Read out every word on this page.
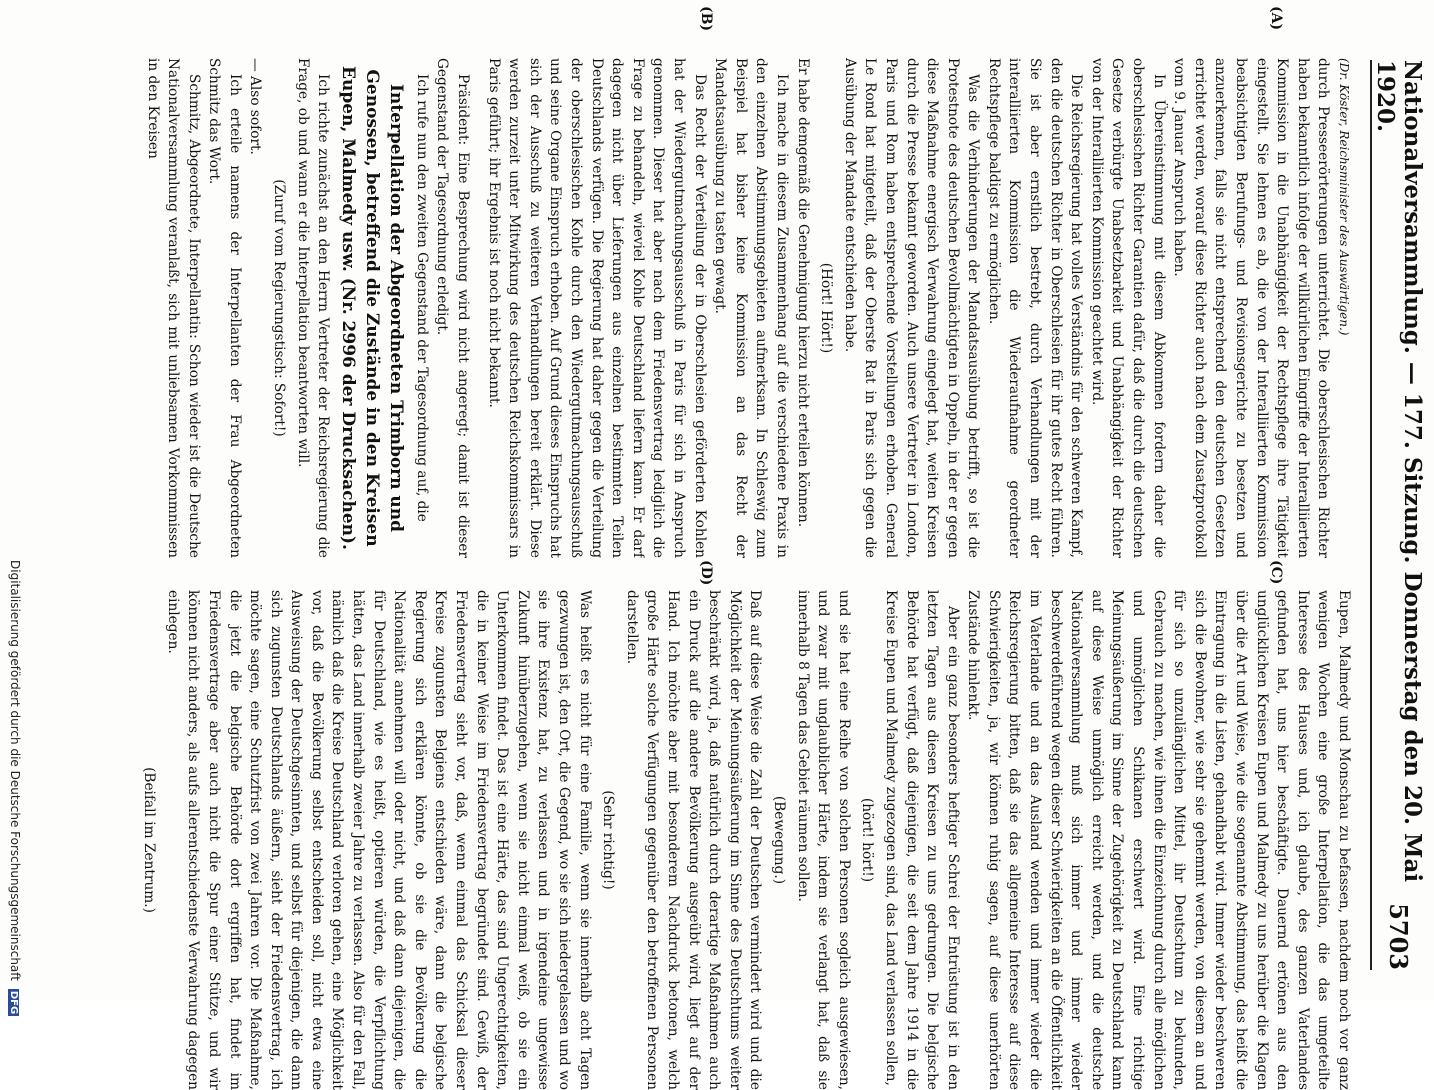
Nationalversammlung. — 177. Sitzung. Donnerstag den 20. Mai 1920.
5703
(A)
(B)
(C)
(D)

(Dr. Köster, Reichsminister des Auswärtigen.)

durch Presseerörterungen unterrichtet. Die oberschlesischen Richter haben bekanntlich infolge der willkürlichen Eingriffe der Interalliierten Kommission in die Unabhängigkeit der Rechtspflege ihre Tätigkeit eingestellt. Sie lehnen es ab, die von der Interalliierten Kommission beabsichtigten Berufungs- und Revisionsgerichte zu besetzen und anzuerkennen, falls sie nicht entsprechend den deutschen Gesetzen errichtet werden, worauf diese Richter auch nach dem Zusatzprotokoll vom 9. Januar Anspruch haben.

In Übereinstimmung mit diesem Abkommen fordern daher die oberschlesischen Richter Garantien dafür, daß die durch die deutschen Gesetze verbürgte Unabsetzbarkeit und Unabhängigkeit der Richter von der Interalliierten Kommission geachtet wird.

Die Reichsregierung hat volles Verständnis für den schweren Kampf, den die deutschen Richter in Oberschlesien für ihr gutes Recht führen. Sie ist aber ernstlich bestrebt, durch Verhandlungen mit der interalliierten Kommission die Wiederaufnahme geordneter Rechtspflege baldigst zu ermöglichen.

Was die Verhinderungen der Mandatsausübung betrifft, so ist die Protestnote des deutschen Bevollmächtigten in Oppeln, in der er gegen diese Maßnahme energisch Verwahrung eingelegt hat, weiten Kreisen durch die Presse bekannt geworden. Auch unsere Vertreter in London, Paris und Rom haben entsprechende Vorstellungen erhoben. General Le Rond hat mitgeteilt, daß der Oberste Rat in Paris sich gegen die Ausübung der Mandate entschieden habe.

(Hört! Hört!)

Er habe demgemäß die Genehmigung hierzu nicht erteilen können.

Ich mache in diesem Zusammenhang auf die verschiedene Praxis in den einzelnen Abstimmungsgebieten aufmerksam. In Schleswig zum Beispiel hat bisher keine Kommission an das Recht der Mandatsausübung zu tasten gewagt.

Das Recht der Verteilung der in Oberschlesien geförderten Kohlen hat der Wiedergutmachungsausschuß in Paris für sich in Anspruch genommen. Dieser hat aber nach dem Friedensvertrag lediglich die Frage zu behandeln, wieviel Kohle Deutschland liefern kann. Er darf dagegen nicht über Lieferungen aus einzelnen bestimmten Teilen Deutschlands verfügen. Die Regierung hat daher gegen die Verteilung der oberschlesischen Kohle durch den Wiedergutmachungsausschuß und seine Organe Einspruch erhoben. Auf Grund dieses Einspruchs hat sich der Ausschuß zu weiteren Verhandlungen bereit erklärt. Diese werden zurzeit unter Mitwirkung des deutschen Reichskommissars in Paris geführt; ihr Ergebnis ist noch nicht bekannt.

Präsident: Eine Besprechung wird nicht angeregt; damit ist dieser Gegenstand der Tagesordnung erledigt.

Ich rufe nun den zweiten Gegenstand der Tagesordnung auf, die

Interpellation der Abgeordneten Trimborn und Genossen, betreffend die Zustände in den Kreisen Eupen, Malmedy usw. (Nr. 2996 der Drucksachen).

Ich richte zunächst an den Herrn Vertreter der Reichsregierung die Frage, ob und wann er die Interpellation beantworten will.

(Zuruf vom Regierungstisch: Sofort!)

— Also sofort.

Ich erteile namens der Interpellanten der Frau Abgeordneten Schmitz das Wort.

Schmitz, Abgeordnete, Interpellantin: Schon wieder ist die Deutsche Nationalversammlung veranlaßt, sich mit unliebsamen Vorkommnissen in den Kreisen

Eupen, Malmedy und Monschau zu befassen, nachdem noch vor ganz wenigen Wochen eine große Interpellation, die das umgeteilte Interesse des Hauses und, ich glaube, des ganzen Vaterlandes gefunden hat, uns hier beschäftigte. Dauernd ertönen aus den unglücklichen Kreisen Eupen und Malmedy zu uns herüber die Klagen über die Art und Weise, wie die sogenannte Abstimmung, das heißt die Eintragung in die Listen, gehandhabt wird. Immer wieder beschweren sich die Bewohner, wie sehr sie gehemmt werden, von diesem an und für sich so unzulänglichen Mittel, ihr Deutschtum zu bekunden, Gebrauch zu machen, wie ihnen die Einzeichnung durch alle möglichen und unmöglichen Schikanen erschwert wird. Eine richtige Meinungsäußerung im Sinne der Zugehörigkeit zu Deutschland kann auf diese Weise unmöglich erreicht werden, und die deutsche Nationalversammlung muß sich immer und immer wieder beschwerdeführend wegen dieser Schwierigkeiten an die Öffentlichkeit im Vaterlande und an das Ausland wenden und immer wieder die Reichsregierung bitten, daß sie das allgemeine Interesse auf diese Schwierigkeiten, ja, wir können ruhig sagen, auf diese unerhörten Zustände hinlenkt.

Aber ein ganz besonders heftiger Schrei der Entrüstung ist in den letzten Tagen aus diesen Kreisen zu uns gedrungen. Die belgische Behörde hat verfügt, daß diejenigen, die seit dem Jahre 1914 in die Kreise Eupen und Malmedy zugezogen sind, das Land verlassen sollen,

(hört! hört!)

und sie hat eine Reihe von solchen Personen sogleich ausgewiesen, und zwar mit unglaublicher Härte, indem sie verlangt hat, daß sie innerhalb 8 Tagen das Gebiet räumen sollen.

(Bewegung.)

Daß auf diese Weise die Zahl der Deutschen vermindert wird und die Möglichkeit der Meinungsäußerung im Sinne des Deutschtums weiter beschränkt wird, ja, daß natürlich durch derartige Maßnahmen auch ein Druck auf die andere Bevölkerung ausgeübt wird, liegt auf der Hand. Ich möchte aber mit besonderem Nachdruck betonen, welch große Härte solche Verfügungen gegenüber den betroffenen Personen darstellen.

(Sehr richtig!)

Was heißt es nicht für eine Familie, wenn sie innerhalb acht Tagen gezwungen ist, den Ort, die Gegend, wo sie sich niedergelassen und wo sie ihre Existenz hat, zu verlassen und in irgendeine ungewisse Zukunft hinüberzugehen, wenn sie nicht einmal weiß, ob sie ein Unterkommen findet. Das ist eine Härte, das sind Ungerechtigkeiten, die in keiner Weise im Friedensvertrag begründet sind. Gewiß, der Friedensvertrag sieht vor, daß, wenn einmal das Schicksal dieser Kreise zugunsten Belgiens entschieden wäre, dann die belgische Regierung sich erklären könnte, ob sie die Bevölkerung die Nationalität annehmen will oder nicht, und daß dann diejenigen, die für Deutschland, wie es heißt, optieren würden, die Verpflichtung hätten, das Land innerhalb zweier Jahre zu verlassen. Also für den Fall, nämlich daß die Kreise Deutschland verloren gehen, eine Möglichkeit vor, daß die Bevölkerung selbst entscheiden soll, nicht etwa eine Ausweisung der Deutschgesinnten, und selbst für diejenigen, die dann sich zugunsten Deutschlands äußern, sieht der Friedensvertrag, ich möchte sagen, eine Schutzfrist von zwei Jahren vor. Die Maßnahme, die jetzt die belgische Behörde dort ergriffen hat, findet im Friedensvertrage aber auch nicht die Spur einer Stütze, und wir können nicht anders, als aufs allerentschiedenste Verwahrung dagegen einlegen.

(Beifall im Zentrum.)

Digitalisierung gefördert durch die Deutsche Forschungsgemeinschaft DFG
